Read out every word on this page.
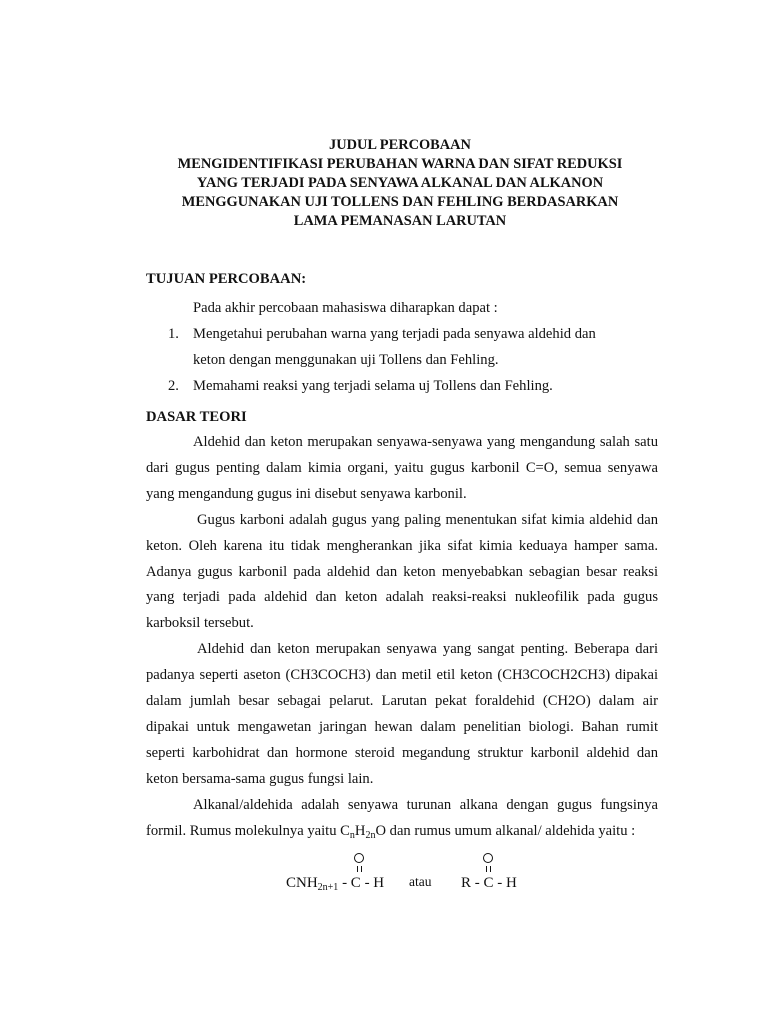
JUDUL PERCOBAAN
MENGIDENTIFIKASI PERUBAHAN WARNA DAN SIFAT REDUKSI
YANG TERJADI PADA SENYAWA ALKANAL DAN ALKANON
MENGGUNAKAN UJI TOLLENS DAN FEHLING BERDASARKAN
LAMA PEMANASAN LARUTAN
TUJUAN PERCOBAAN:
Pada akhir percobaan mahasiswa diharapkan dapat :
1. Mengetahui perubahan warna yang terjadi pada senyawa aldehid dan
keton dengan menggunakan uji Tollens dan Fehling.
2. Memahami reaksi yang terjadi selama uj Tollens dan Fehling.
DASAR TEORI
Aldehid dan keton merupakan senyawa-senyawa yang mengandung salah satu dari gugus penting dalam kimia organi, yaitu gugus karbonil C=O, semua senyawa yang mengandung gugus ini disebut senyawa karbonil.
Gugus karboni adalah gugus yang paling menentukan sifat kimia aldehid dan keton. Oleh karena itu tidak mengherankan jika sifat kimia keduaya hamper sama. Adanya gugus karbonil pada aldehid dan keton menyebabkan sebagian besar reaksi yang terjadi pada aldehid dan keton adalah reaksi-reaksi nukleofilik pada gugus karboksil tersebut.
Aldehid dan keton merupakan senyawa yang sangat penting. Beberapa dari padanya seperti aseton (CH3COCH3) dan metil etil keton (CH3COCH2CH3) dipakai dalam jumlah besar sebagai pelarut. Larutan pekat foraldehid (CH2O) dalam air dipakai untuk mengawetan jaringan hewan dalam penelitian biologi. Bahan rumit seperti karbohidrat dan hormone steroid megandung struktur karbonil aldehid dan keton bersama-sama gugus fungsi lain.
Alkanal/aldehida adalah senyawa turunan alkana dengan gugus fungsinya formil. Rumus molekulnya yaitu $C_nH_{2n}O$ dan rumus umum alkanal/ aldehida yaitu :
$CNH_{2n+1}$ - C - H atau R - C - H
